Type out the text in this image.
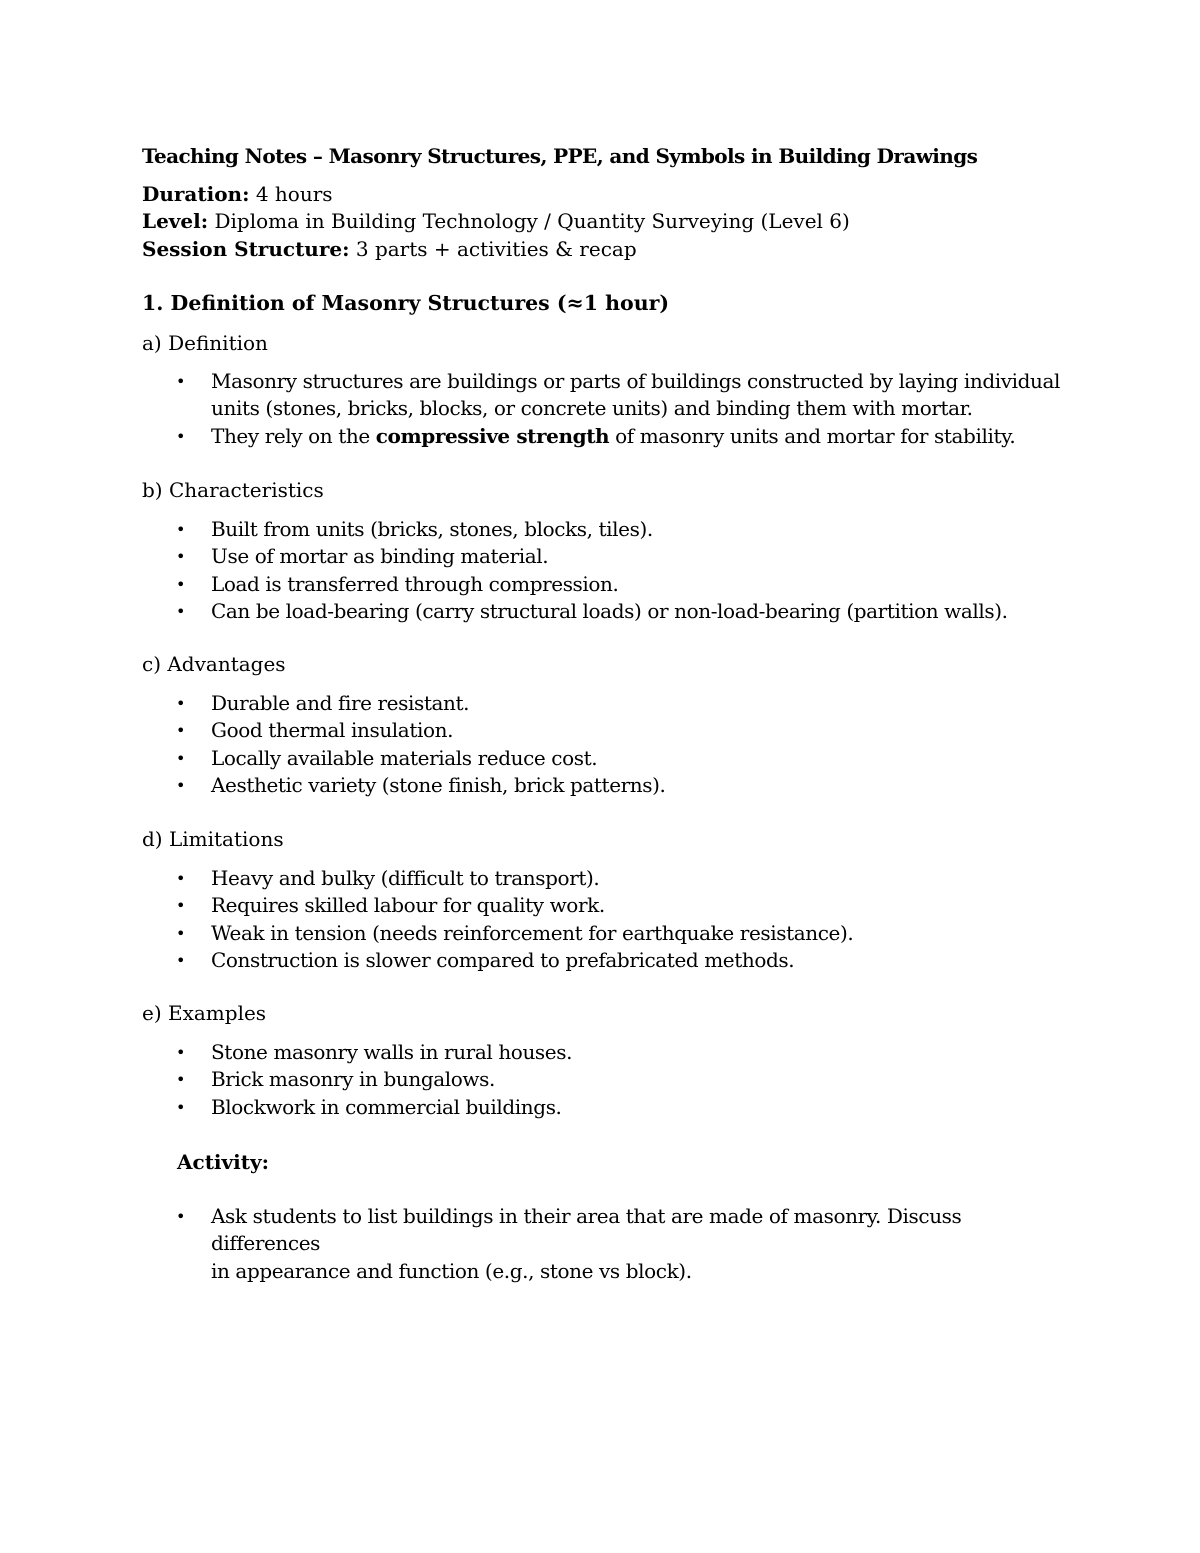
Teaching Notes – Masonry Structures, PPE, and Symbols in Building Drawings
Duration: 4 hours
Level: Diploma in Building Technology / Quantity Surveying (Level 6)
Session Structure: 3 parts + activities & recap
1. Definition of Masonry Structures (≈1 hour)
a) Definition
• Masonry structures are buildings or parts of buildings constructed by laying individual
units (stones, bricks, blocks, or concrete units) and binding them with mortar.
• They rely on the compressive strength of masonry units and mortar for stability.
b) Characteristics
• Built from units (bricks, stones, blocks, tiles).
• Use of mortar as binding material.
• Load is transferred through compression.
• Can be load-bearing (carry structural loads) or non-load-bearing (partition walls).
c) Advantages
• Durable and fire resistant.
• Good thermal insulation.
• Locally available materials reduce cost.
• Aesthetic variety (stone finish, brick patterns).
d) Limitations
• Heavy and bulky (difficult to transport).
• Requires skilled labour for quality work.
• Weak in tension (needs reinforcement for earthquake resistance).
• Construction is slower compared to prefabricated methods.
e) Examples
• Stone masonry walls in rural houses.
• Brick masonry in bungalows.
• Blockwork in commercial buildings.
Activity:
• Ask students to list buildings in their area that are made of masonry. Discuss differences
in appearance and function (e.g., stone vs block).
